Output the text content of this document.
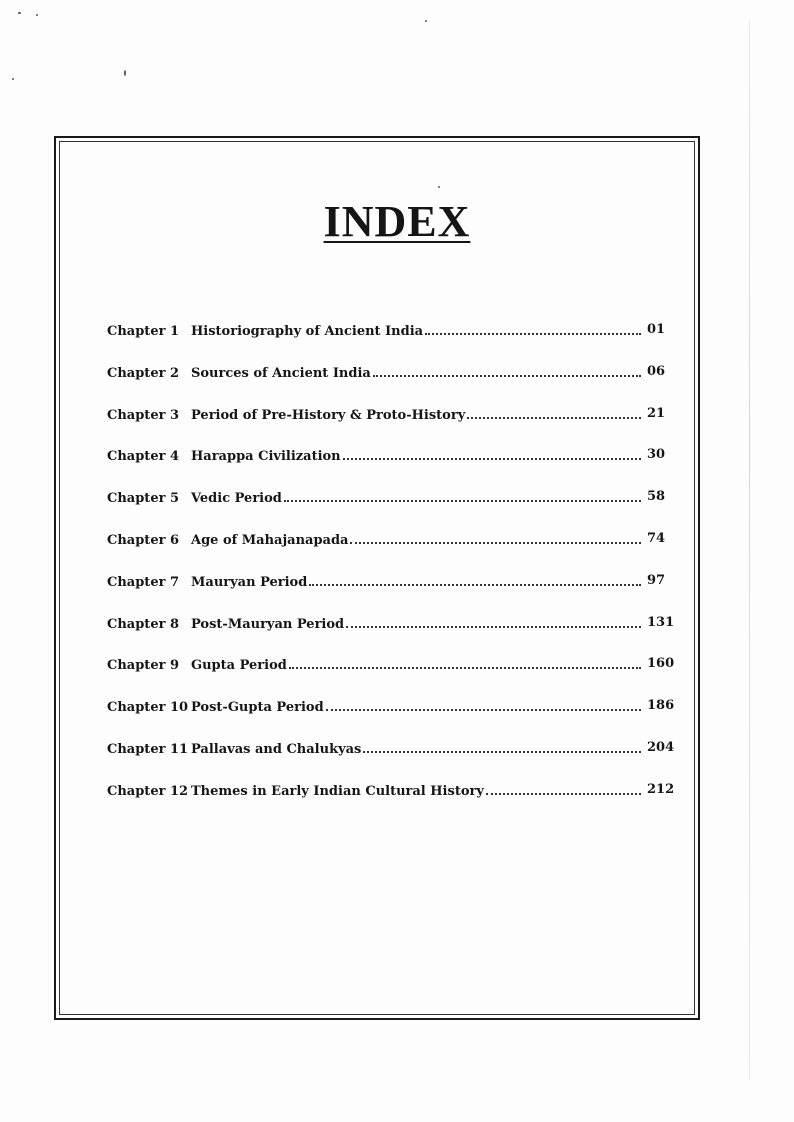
INDEX
Chapter 1 Historiography of Ancient India	01
Chapter 2 Sources of Ancient India	06
Chapter 3 Period of Pre-History & Proto-History	21
Chapter 4 Harappa Civilization	30
Chapter 5 Vedic Period	58
Chapter 6 Age of Mahajanapada	74
Chapter 7 Mauryan Period	97
Chapter 8 Post-Mauryan Period	131
Chapter 9 Gupta Period	160
Chapter 10 Post-Gupta Period	186
Chapter 11 Pallavas and Chalukyas	204
Chapter 12 Themes in Early Indian Cultural History	212
